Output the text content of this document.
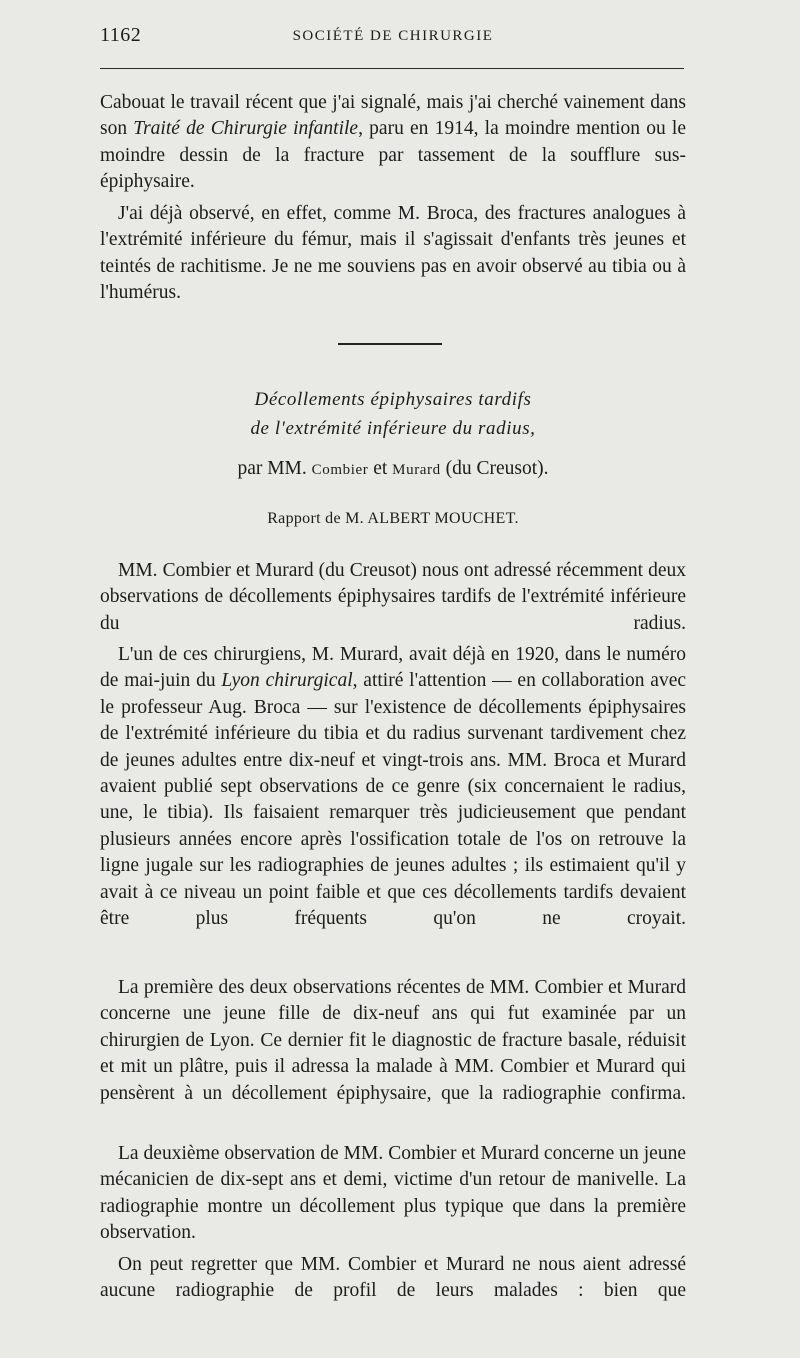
1162	SOCIÉTÉ DE CHIRURGIE
Cabouat le travail récent que j'ai signalé, mais j'ai cherché vainement dans son Traité de Chirurgie infantile, paru en 1914, la moindre mention ou le moindre dessin de la fracture par tassement de la soufflure sus-épiphysaire.
J'ai déjà observé, en effet, comme M. Broca, des fractures analogues à l'extrémité inférieure du fémur, mais il s'agissait d'enfants très jeunes et teintés de rachitisme. Je ne me souviens pas en avoir observé au tibia ou à l'humérus.
Décollements épiphysaires tardifs
de l'extrémité inférieure du radius,
par MM. Combier et Murard (du Creusot).
Rapport de M. ALBERT MOUCHET.
MM. Combier et Murard (du Creusot) nous ont adressé récemment deux observations de décollements épiphysaires tardifs de l'extrémité inférieure du radius.
L'un de ces chirurgiens, M. Murard, avait déjà en 1920, dans le numéro de mai-juin du Lyon chirurgical, attiré l'attention — en collaboration avec le professeur Aug. Broca — sur l'existence de décollements épiphysaires de l'extrémité inférieure du tibia et du radius survenant tardivement chez de jeunes adultes entre dix-neuf et vingt-trois ans. MM. Broca et Murard avaient publié sept observations de ce genre (six concernaient le radius, une, le tibia). Ils faisaient remarquer très judicieusement que pendant plusieurs années encore après l'ossification totale de l'os on retrouve la ligne jugale sur les radiographies de jeunes adultes ; ils estimaient qu'il y avait à ce niveau un point faible et que ces décollements tardifs devaient être plus fréquents qu'on ne croyait.
La première des deux observations récentes de MM. Combier et Murard concerne une jeune fille de dix-neuf ans qui fut examinée par un chirurgien de Lyon. Ce dernier fit le diagnostic de fracture basale, réduisit et mit un plâtre, puis il adressa la malade à MM. Combier et Murard qui pensèrent à un décollement épiphysaire, que la radiographie confirma.
La deuxième observation de MM. Combier et Murard concerne un jeune mécanicien de dix-sept ans et demi, victime d'un retour de manivelle. La radiographie montre un décollement plus typique que dans la première observation.
On peut regretter que MM. Combier et Murard ne nous aient adressé aucune radiographie de profil de leurs malades : bien que
